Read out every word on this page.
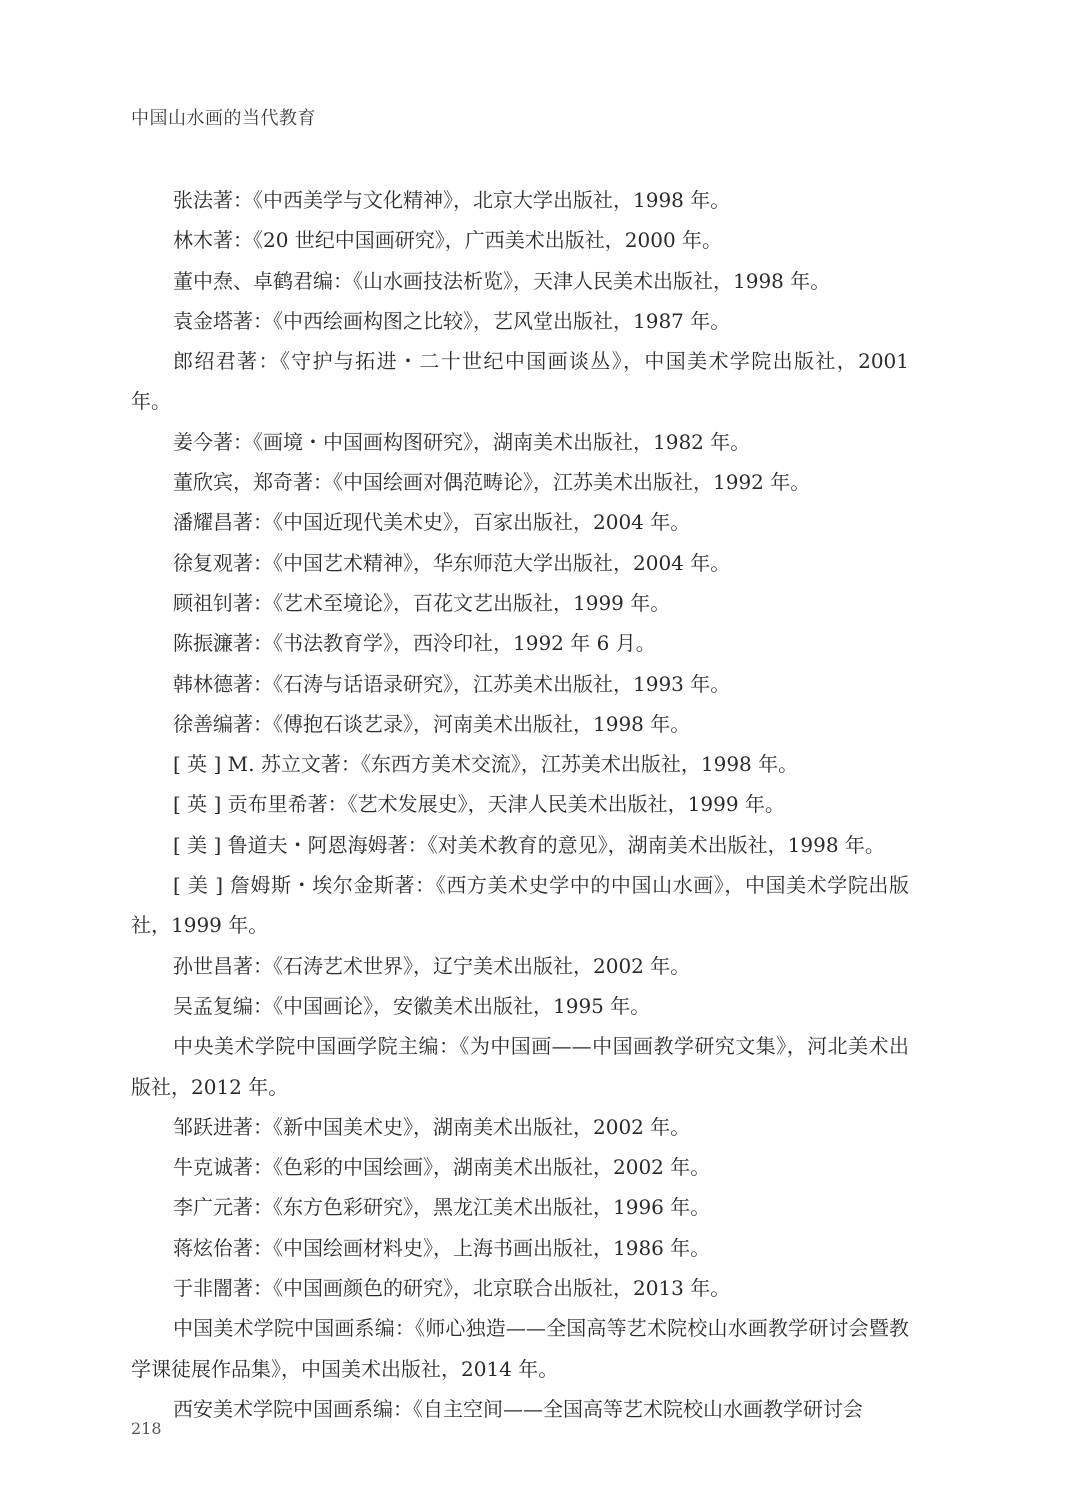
中国山水画的当代教育

张法著：《中西美学与文化精神》，北京大学出版社，1998 年。

林木著：《20 世纪中国画研究》，广西美术出版社，2000 年。

董中焘、卓鹤君编：《山水画技法析览》，天津人民美术出版社，1998 年。

袁金塔著：《中西绘画构图之比较》，艺风堂出版社，1987 年。

郎绍君著：《守护与拓进・二十世纪中国画谈丛》，中国美术学院出版社，2001 年。

姜今著：《画境・中国画构图研究》，湖南美术出版社，1982 年。

董欣宾，郑奇著：《中国绘画对偶范畴论》，江苏美术出版社，1992 年。

潘耀昌著：《中国近现代美术史》，百家出版社，2004 年。

徐复观著：《中国艺术精神》，华东师范大学出版社，2004 年。

顾祖钊著：《艺术至境论》，百花文艺出版社，1999 年。

陈振濂著：《书法教育学》，西泠印社，1992 年 6 月。

韩林德著：《石涛与话语录研究》，江苏美术出版社，1993 年。

徐善编著：《傅抱石谈艺录》，河南美术出版社，1998 年。

[ 英 ] M. 苏立文著：《东西方美术交流》，江苏美术出版社，1998 年。

[ 英 ] 贡布里希著：《艺术发展史》，天津人民美术出版社，1999 年。

[ 美 ] 鲁道夫・阿恩海姆著：《对美术教育的意见》，湖南美术出版社，1998 年。

[ 美 ] 詹姆斯・埃尔金斯著：《西方美术史学中的中国山水画》，中国美术学院出版社，1999 年。

孙世昌著：《石涛艺术世界》，辽宁美术出版社，2002 年。

吴孟复编：《中国画论》，安徽美术出版社，1995 年。

中央美术学院中国画学院主编：《为中国画——中国画教学研究文集》，河北美术出版社，2012 年。

邹跃进著：《新中国美术史》，湖南美术出版社，2002 年。

牛克诚著：《色彩的中国绘画》，湖南美术出版社，2002 年。

李广元著：《东方色彩研究》，黑龙江美术出版社，1996 年。

蒋炫佁著：《中国绘画材料史》，上海书画出版社，1986 年。

于非闇著：《中国画颜色的研究》，北京联合出版社，2013 年。

中国美术学院中国画系编：《师心独造——全国高等艺术院校山水画教学研讨会暨教学课徒展作品集》，中国美术出版社，2014 年。

西安美术学院中国画系编：《自主空间——全国高等艺术院校山水画教学研讨会

218
